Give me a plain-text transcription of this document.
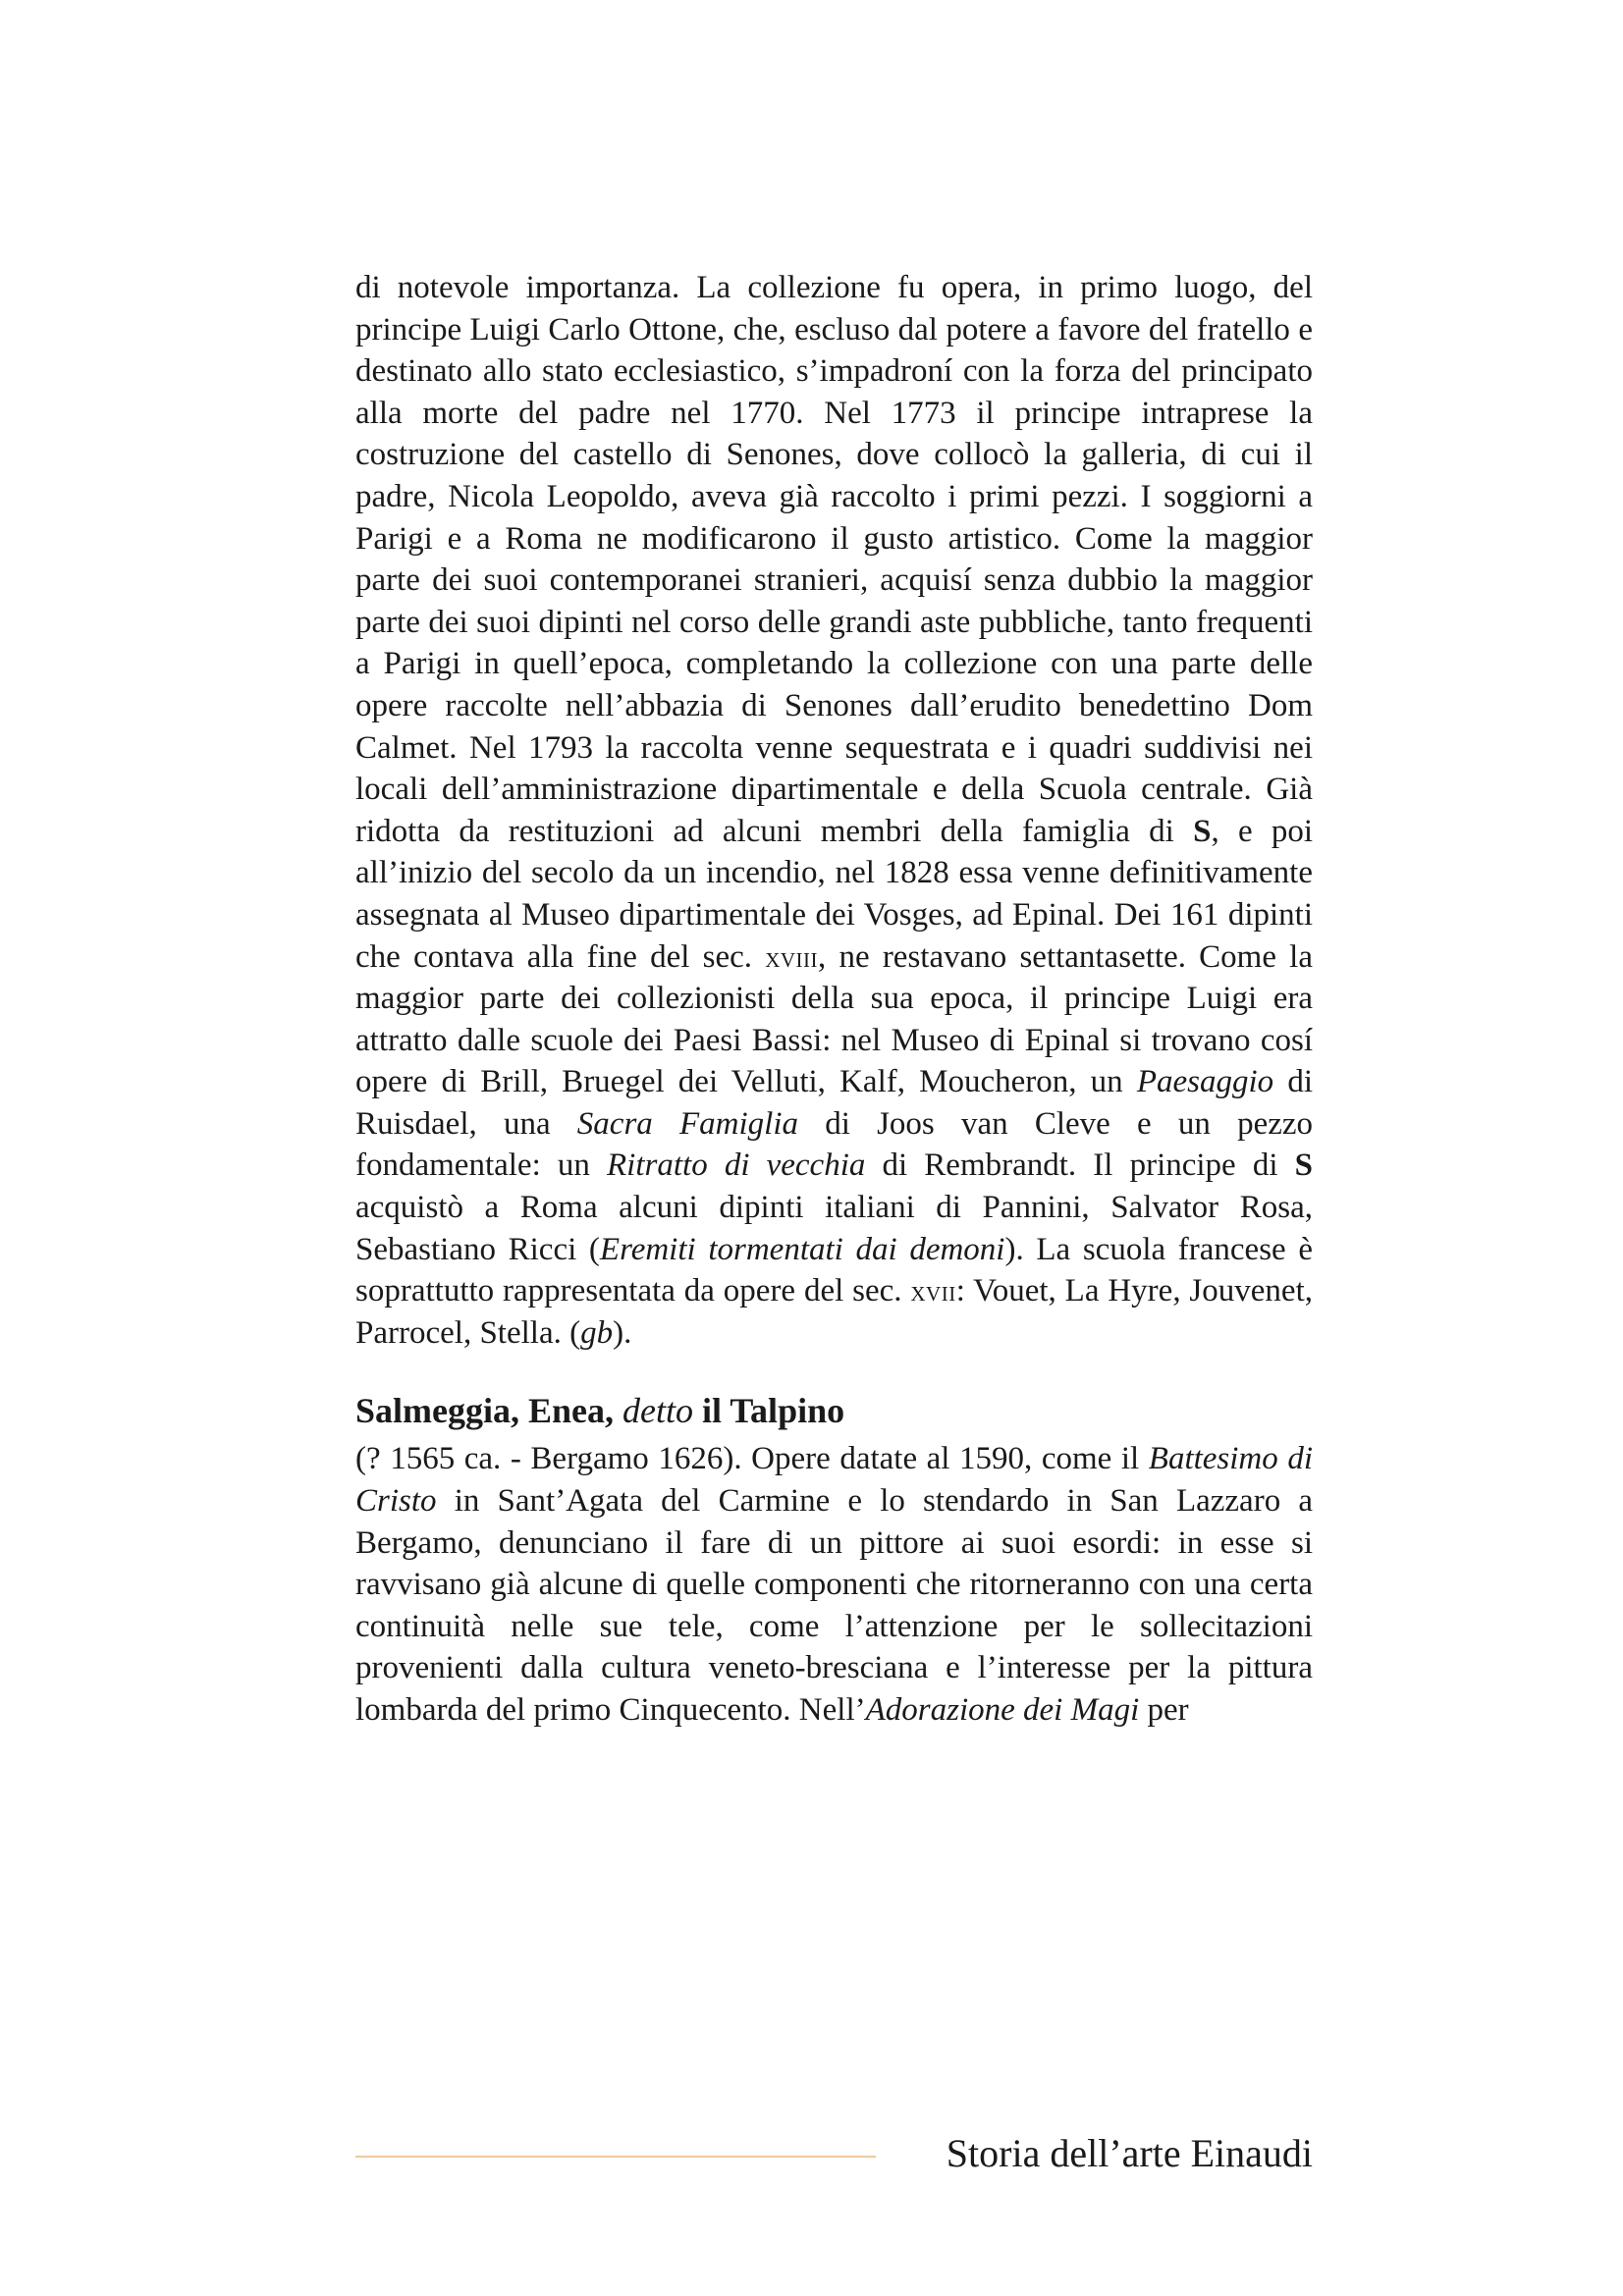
di notevole importanza. La collezione fu opera, in primo luogo, del principe Luigi Carlo Ottone, che, escluso dal potere a favore del fratello e destinato allo stato ecclesiastico, s’impadroní con la forza del principato alla morte del padre nel 1770. Nel 1773 il principe intraprese la costruzione del castello di Senones, dove collocò la galleria, di cui il padre, Nicola Leopoldo, aveva già raccolto i primi pezzi. I soggiorni a Parigi e a Roma ne modificarono il gusto artistico. Come la maggior parte dei suoi contemporanei stranieri, acquisí senza dubbio la maggior parte dei suoi dipinti nel corso delle grandi aste pubbliche, tanto frequenti a Parigi in quell’epoca, completando la collezione con una parte delle opere raccolte nell’abbazia di Senones dall’erudito benedettino Dom Calmet. Nel 1793 la raccolta venne sequestrata e i quadri suddivisi nei locali dell’amministrazione dipartimentale e della Scuola centrale. Già ridotta da restituzioni ad alcuni membri della famiglia di S, e poi all’inizio del secolo da un incendio, nel 1828 essa venne definitivamente assegnata al Museo dipartimentale dei Vosges, ad Epinal. Dei 161 dipinti che contava alla fine del sec. xviii, ne restavano settantasette. Come la maggior parte dei collezionisti della sua epoca, il principe Luigi era attratto dalle scuole dei Paesi Bassi: nel Museo di Epinal si trovano cosí opere di Brill, Bruegel dei Velluti, Kalf, Moucheron, un Paesaggio di Ruisdael, una Sacra Famiglia di Joos van Cleve e un pezzo fondamentale: un Ritratto di vecchia di Rembrandt. Il principe di S acquistò a Roma alcuni dipinti italiani di Pannini, Salvator Rosa, Sebastiano Ricci (Eremiti tormentati dai demoni). La scuola francese è soprattutto rappresentata da opere del sec. xvii: Vouet, La Hyre, Jouvenet, Parrocel, Stella. (gb).

Salmeggia, Enea, detto il Talpino

(? 1565 ca. - Bergamo 1626). Opere datate al 1590, come il Battesimo di Cristo in Sant’Agata del Carmine e lo stendardo in San Lazzaro a Bergamo, denunciano il fare di un pittore ai suoi esordi: in esse si ravvisano già alcune di quelle componenti che ritorneranno con una certa continuità nelle sue tele, come l’attenzione per le sollecitazioni provenienti dalla cultura veneto-bresciana e l’interesse per la pittura lombarda del primo Cinquecento. Nell’Adorazione dei Magi per

Storia dell’arte Einaudi
